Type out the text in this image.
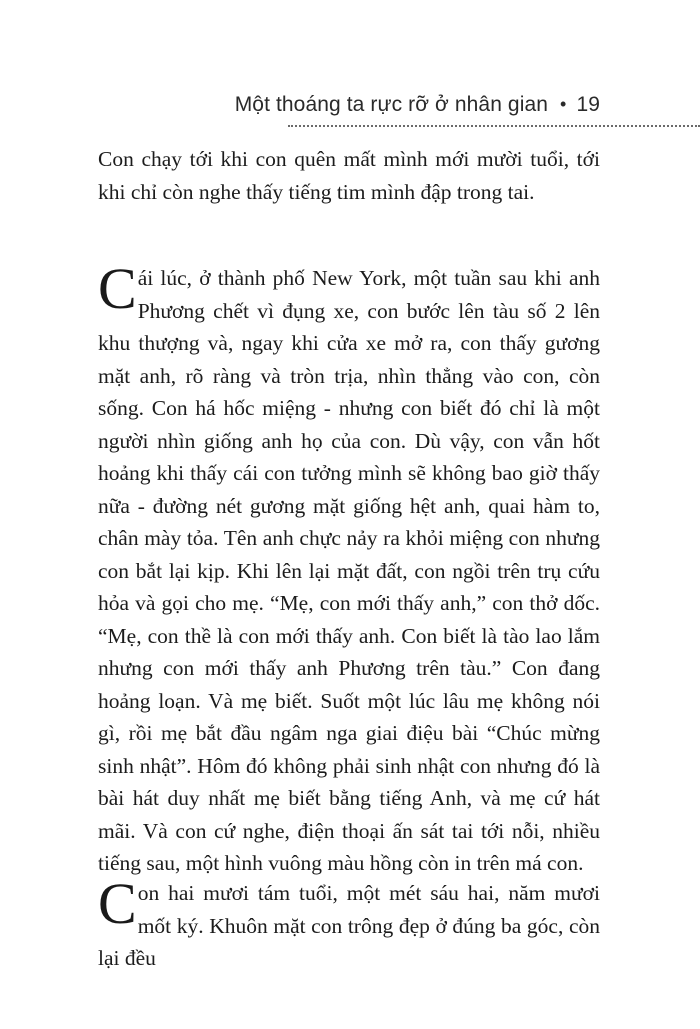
Một thoáng ta rực rỡ ở nhân gian • 19

Con chạy tới khi con quên mất mình mới mười tuổi, tới khi chỉ còn nghe thấy tiếng tim mình đập trong tai.

Cái lúc, ở thành phố New York, một tuần sau khi anh Phương chết vì đụng xe, con bước lên tàu số 2 lên khu thượng và, ngay khi cửa xe mở ra, con thấy gương mặt anh, rõ ràng và tròn trịa, nhìn thẳng vào con, còn sống. Con há hốc miệng - nhưng con biết đó chỉ là một người nhìn giống anh họ của con. Dù vậy, con vẫn hốt hoảng khi thấy cái con tưởng mình sẽ không bao giờ thấy nữa - đường nét gương mặt giống hệt anh, quai hàm to, chân mày tỏa. Tên anh chực nảy ra khỏi miệng con nhưng con bắt lại kịp. Khi lên lại mặt đất, con ngồi trên trụ cứu hỏa và gọi cho mẹ. “Mẹ, con mới thấy anh,” con thở dốc. “Mẹ, con thề là con mới thấy anh. Con biết là tào lao lắm nhưng con mới thấy anh Phương trên tàu.” Con đang hoảng loạn. Và mẹ biết. Suốt một lúc lâu mẹ không nói gì, rồi mẹ bắt đầu ngâm nga giai điệu bài “Chúc mừng sinh nhật”. Hôm đó không phải sinh nhật con nhưng đó là bài hát duy nhất mẹ biết bằng tiếng Anh, và mẹ cứ hát mãi. Và con cứ nghe, điện thoại ấn sát tai tới nỗi, nhiều tiếng sau, một hình vuông màu hồng còn in trên má con.

Con hai mươi tám tuổi, một mét sáu hai, năm mươi mốt ký. Khuôn mặt con trông đẹp ở đúng ba góc, còn lại đều
